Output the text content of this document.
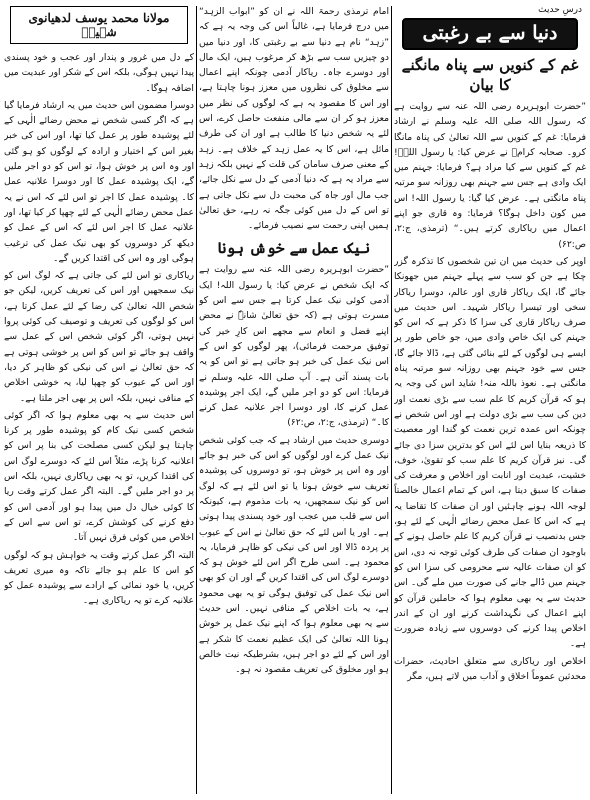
درسِ حدیث
دنیا سے بے رغبتی
غم کے کنویں سے پناہ مانگنے کا بیان

”حضرت ابوہریرہ رضی اللہ عنہ سے روایت ہے کہ رسول اللہ صلی اللہ علیہ وسلم نے ارشاد فرمایا: غم کے کنویں سے اللہ تعالیٰ کی پناہ مانگا کرو۔ صحابہ کرامؓ نے عرض کیا: یا رسول اللہؐ! غم کے کنویں سے کیا مراد ہے؟ فرمایا: جہنم میں ایک وادی ہے جس سے جہنم بھی روزانہ سو مرتبہ پناہ مانگتی ہے۔ عرض کیا گیا: یا رسول اللہ! اس میں کون داخل ہوگا؟ فرمایا: وہ قاری جو اپنے اعمال میں ریاکاری کرتے ہیں۔“ (ترمذی، ج:۲، ص:۶۲)

اوپر کی حدیث میں ان تین شخصوں کا تذکرہ گزر چکا ہے جن کو سب سے پہلے جہنم میں جھونکا جائے گا، ایک ریاکار قاری اور عالم، دوسرا ریاکار سخی اور تیسرا ریاکار شہید۔ اس حدیث میں صرف ریاکار قاری کی سزا کا ذکر ہے کہ اس کو جہنم کی ایک خاص وادی میں، جو خاص طور پر ایسے ہی لوگوں کے لئے بنائی گئی ہے، ڈالا جائے گا، جس سے خود جہنم بھی روزانہ سو مرتبہ پناہ مانگتی ہے۔ نعوذ باللہ منہ! شاید اس کی وجہ یہ ہو کہ قرآن کریم کا علم سب سے بڑی نعمت اور دین کی سب سے بڑی دولت ہے اور اس شخص نے چونکہ اس عمدہ ترین نعمت کو گندا اور معصیت کا ذریعہ بنایا اس لئے اس کو بدترین سزا دی جائے گی۔ نیز قرآن کریم کا علم سب کو تقویٰ، خوف، خشیت، عبدیت اور انابت اور اخلاص و معرفت کی صفات کا سبق دیتا ہے، اس کے تمام اعمال خالصتاً لوجہ اللہ ہونے چاہئیں اور ان صفات کا تقاضا یہ ہے کہ اس کا عمل محض رضائے الٰہی کے لئے ہو، جس بدنصیب نے قرآن کریم کا علم حاصل ہونے کے باوجود ان صفات کی طرف کوئی توجہ نہ دی، اس کو ان صفات عالیہ سے محرومی کی سزا اس کو جہنم میں ڈالے جانے کی صورت میں ملے گی۔ اس حدیث سے یہ بھی معلوم ہوا کہ حاملین قرآن کو اپنے اعمال کی نگہداشت کرنے اور ان کے اندر اخلاص پیدا کرنے کی دوسروں سے زیادہ ضرورت ہے۔

اخلاص اور ریاکاری سے متعلق احادیث، حضرات محدثین عموماً اخلاق و آداب میں لاتے ہیں، مگر

امام ترمذی رحمۃ اللہ نے ان کو ”ابواب الزہد“ میں درج فرمایا ہے، غالباً اس کی وجہ یہ ہے کہ ”زہد“ نام ہے دنیا سے بے رغبتی کا، اور دنیا میں دو چیزیں سب سے بڑھ کر مرغوب ہیں، ایک مال اور دوسرے جاہ۔ ریاکار آدمی چونکہ اپنے اعمال سے مخلوق کی نظروں میں معزز ہونا چاہتا ہے، اور اس کا مقصود یہ ہے کہ لوگوں کی نظر میں معزز ہو کر ان سے مالی منفعت حاصل کرے، اس لئے یہ شخص دنیا کا طالب ہے اور ان کی طرف مائل ہے، اس کا یہ عمل زہد کے خلاف ہے۔ زہد کے معنی صرف سامان کی قلت کے نہیں بلکہ زہد سے مراد یہ ہے کہ دنیا آدمی کے دل سے نکل جائے، جب مال اور جاہ کی محبت دل سے نکل جاتی ہے تو اس کے دل میں کوئی جگہ نہ رہے، حق تعالیٰ ہمیں اپنی رحمت سے نصیب فرمائے۔

نیک عمل سے خوش ہونا

”حضرت ابوہریرہ رضی اللہ عنہ سے روایت ہے کہ ایک شخص نے عرض کیا: یا رسول اللہ! ایک آدمی کوئی نیک عمل کرتا ہے جس سے اس کو مسرت ہوتی ہے (کہ حق تعالیٰ شانہٗ نے محض اپنے فضل و انعام سے مجھے اس کارِ خیر کی توفیق مرحمت فرمائی)، پھر لوگوں کو اس کے اس نیک عمل کی خبر ہو جاتی ہے تو اس کو یہ بات پسند آتی ہے۔ آپ صلی اللہ علیہ وسلم نے فرمایا: اس کو دو اجر ملیں گے، ایک اجر پوشیدہ عمل کرنے کا، اور دوسرا اجر علانیہ عمل کرنے کا۔“ (ترمذی، ج:۲، ص:۶۲)

دوسری حدیث میں ارشاد ہے کہ جب کوئی شخص نیک عمل کرے اور لوگوں کو اس کی خبر ہو جائے اور وہ اس پر خوش ہو، تو دوسروں کی پوشیدہ تعریف سے خوش ہونا یا تو اس لئے ہے کہ لوگ اس کو نیک سمجھیں، یہ بات مذموم ہے، کیونکہ اس سے قلب میں عجب اور خود پسندی پیدا ہوتی ہے۔ اور یا اس لئے کہ حق تعالیٰ نے اس کے عیوب پر پردہ ڈالا اور اس کی نیکی کو ظاہر فرمایا، یہ محمود ہے۔ اسی طرح اگر اس لئے خوش ہو کہ دوسرے لوگ اس کی اقتدا کریں گے اور ان کو بھی اس نیک عمل کی توفیق ہوگی تو یہ بھی محمود ہے، یہ بات اخلاص کے منافی نہیں۔ اس حدیث سے یہ بھی معلوم ہوا کہ اپنے نیک عمل پر خوش ہونا اللہ تعالیٰ کی ایک عظیم نعمت کا شکر ہے اور اس کے لئے دو اجر ہیں، بشرطیکہ نیت خالص ہو اور مخلوق کی تعریف مقصود نہ ہو۔

مولانا محمد یوسف لدھیانوی شہیدؒ

کے دل میں غرور و پندار اور عجب و خود پسندی پیدا نہیں ہوگی، بلکہ اس کے شکر اور عبدیت میں اضافہ ہوگا۔

دوسرا مضمون اس حدیث میں یہ ارشاد فرمایا گیا ہے کہ اگر کسی شخص نے محض رضائے الٰہی کے لئے پوشیدہ طور پر عمل کیا تھا، اور اس کی خبر بغیر اس کے اختیار و ارادہ کے لوگوں کو ہو گئی اور وہ اس پر خوش ہوا، تو اس کو دو اجر ملیں گے، ایک پوشیدہ عمل کا اور دوسرا علانیہ عمل کا۔ پوشیدہ عمل کا اجر تو اس لئے کہ اس نے یہ عمل محض رضائے الٰہی کے لئے چھپا کر کیا تھا، اور علانیہ عمل کا اجر اس لئے کہ اس کے عمل کو دیکھ کر دوسروں کو بھی نیک عمل کی ترغیب ہوگی اور وہ اس کی اقتدا کریں گے۔

ریاکاری تو اس لئے کی جاتی ہے کہ لوگ اس کو نیک سمجھیں اور اس کی تعریف کریں، لیکن جو شخص اللہ تعالیٰ کی رضا کے لئے عمل کرتا ہے، اس کو لوگوں کی تعریف و توصیف کی کوئی پروا نہیں ہوتی، اگر کوئی شخص اس کے عمل سے واقف ہو جائے تو اس کو اس پر خوشی ہوتی ہے کہ حق تعالیٰ نے اس کی نیکی کو ظاہر کر دیا، اور اس کے عیوب کو چھپا لیا، یہ خوشی اخلاص کے منافی نہیں، بلکہ اس پر بھی اجر ملتا ہے۔

اس حدیث سے یہ بھی معلوم ہوا کہ اگر کوئی شخص کسی نیک کام کو پوشیدہ طور پر کرنا چاہتا ہو لیکن کسی مصلحت کی بنا پر اس کو اعلانیہ کرنا پڑے، مثلاً اس لئے کہ دوسرے لوگ اس کی اقتدا کریں، تو یہ بھی ریاکاری نہیں، بلکہ اس پر دو اجر ملیں گے۔ البتہ اگر عمل کرتے وقت ریا کا کوئی خیال دل میں پیدا ہو اور آدمی اس کو دفع کرنے کی کوشش کرے، تو اس سے اس کے اخلاص میں کوئی فرق نہیں آتا۔

البتہ اگر عمل کرتے وقت یہ خواہش ہو کہ لوگوں کو اس کا علم ہو جائے تاکہ وہ میری تعریف کریں، یا خود نمائی کے ارادے سے پوشیدہ عمل کو علانیہ کرے تو یہ ریاکاری ہے۔
